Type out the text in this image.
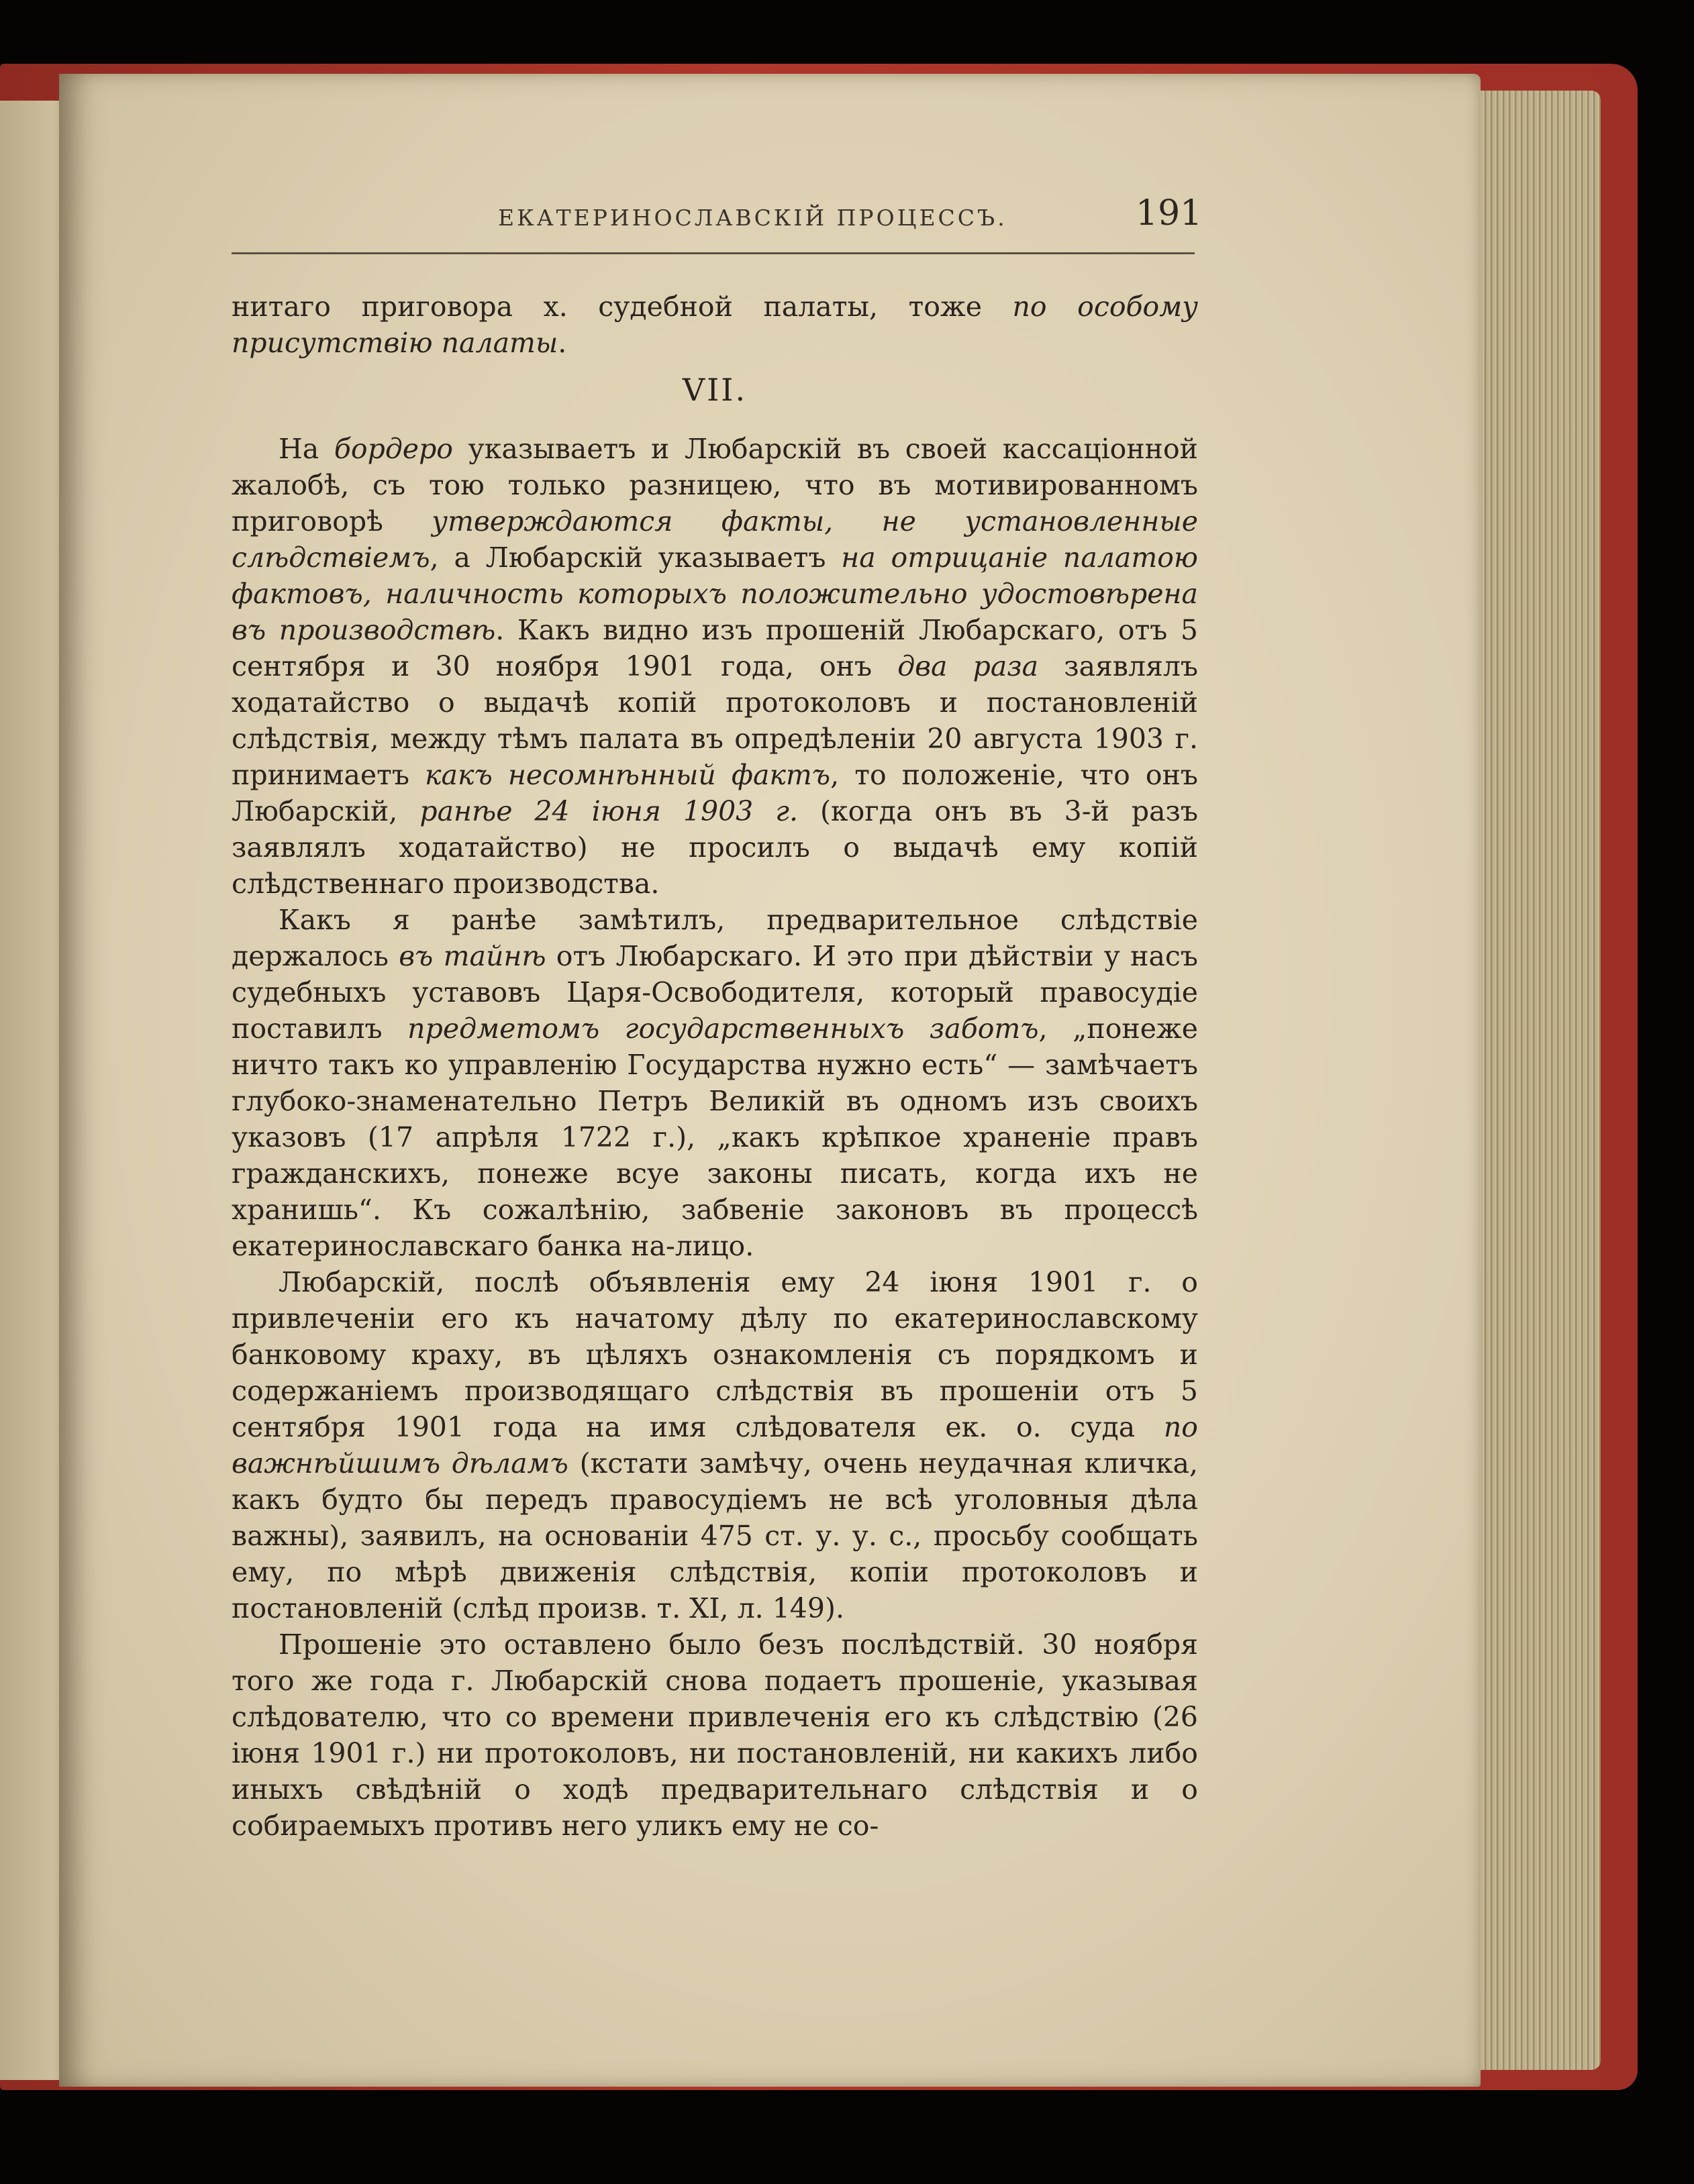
ЕКАТЕРИНОСЛАВСКІЙ ПРОЦЕССЪ.	191

нитаго приговора х. судебной палаты, тоже по особому присутствію палаты.

VII.

На бордеро указываетъ и Любарскій въ своей кассаціонной жалобѣ, съ тою только разницею, что въ мотивированномъ приговорѣ утверждаются факты, не установленные слѣдствіемъ, а Любарскій указываетъ на отрицаніе палатою фактовъ, наличность которыхъ положительно удостовѣрена въ производствѣ. Какъ видно изъ прошеній Любарскаго, отъ 5 сентября и 30 ноября 1901 года, онъ два раза заявлялъ ходатайство о выдачѣ копій протоколовъ и постановленій слѣдствія, между тѣмъ палата въ опредѣленіи 20 августа 1903 г. принимаетъ какъ несомнѣнный фактъ, то положеніе, что онъ Любарскій, ранѣе 24 іюня 1903 г. (когда онъ въ 3-й разъ заявлялъ ходатайство) не просилъ о выдачѣ ему копій слѣдственнаго производства.

Какъ я ранѣе замѣтилъ, предварительное слѣдствіе держалось въ тайнѣ отъ Любарскаго. И это при дѣйствіи у насъ судебныхъ уставовъ Царя-Освободителя, который правосудіе поставилъ предметомъ государственныхъ заботъ, „понеже ничто такъ ко управленію Государства нужно есть“ — замѣчаетъ глубоко-знаменательно Петръ Великій въ одномъ изъ своихъ указовъ (17 апрѣля 1722 г.), „какъ крѣпкое храненіе правъ гражданскихъ, понеже всуе законы писать, когда ихъ не хранишь“. Къ сожалѣнію, забвеніе законовъ въ процессѣ екатеринославскаго банка на-лицо.

Любарскій, послѣ объявленія ему 24 іюня 1901 г. о привлеченіи его къ начатому дѣлу по екатеринославскому банковому краху, въ цѣляхъ ознакомленія съ порядкомъ и содержаніемъ производящаго слѣдствія въ прошеніи отъ 5 сентября 1901 года на имя слѣдователя ек. о. суда по важнѣйшимъ дѣламъ (кстати замѣчу, очень неудачная кличка, какъ будто бы передъ правосудіемъ не всѣ уголовныя дѣла важны), заявилъ, на основаніи 475 ст. у. у. с., просьбу сообщать ему, по мѣрѣ движенія слѣдствія, копіи протоколовъ и постановленій (слѣд произв. т. XI, л. 149).

Прошеніе это оставлено было безъ послѣдствій. 30 ноября того же года г. Любарскій снова подаетъ прошеніе, указывая слѣдователю, что со времени привлеченія его къ слѣдствію (26 іюня 1901 г.) ни протоколовъ, ни постановленій, ни какихъ либо иныхъ свѣдѣній о ходѣ предварительнаго слѣдствія и о собираемыхъ противъ него уликъ ему не со-
